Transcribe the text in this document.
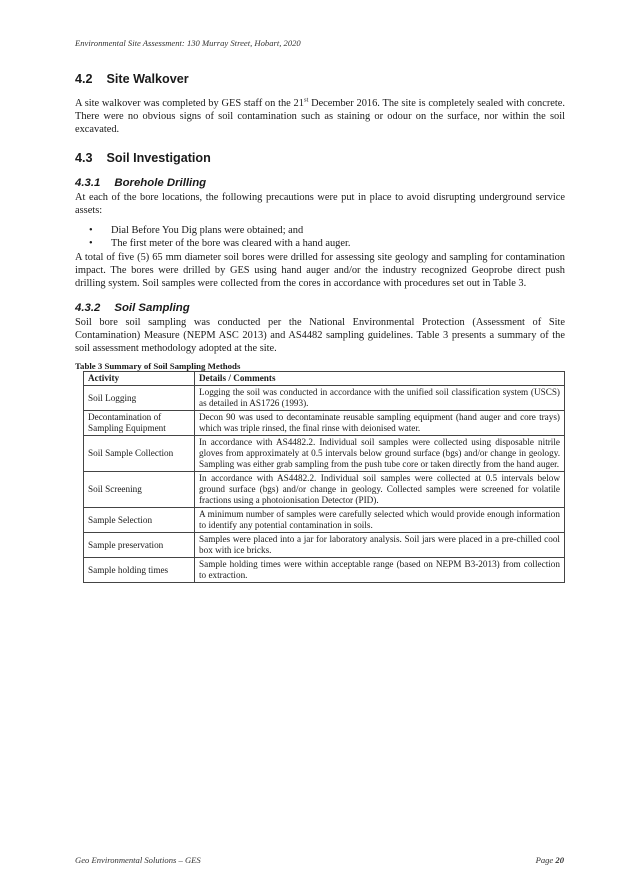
Environmental Site Assessment: 130 Murray Street, Hobart, 2020
4.2 Site Walkover

A site walkover was completed by GES staff on the 21st December 2016. The site is completely sealed with concrete. There were no obvious signs of soil contamination such as staining or odour on the surface, nor within the soil excavated.

4.3 Soil Investigation
4.3.1 Borehole Drilling

At each of the bore locations, the following precautions were put in place to avoid disrupting underground service assets:

•	Dial Before You Dig plans were obtained; and
•	The first meter of the bore was cleared with a hand auger.

A total of five (5) 65 mm diameter soil bores were drilled for assessing site geology and sampling for contamination impact. The bores were drilled by GES using hand auger and/or the industry recognized Geoprobe direct push drilling system. Soil samples were collected from the cores in accordance with procedures set out in Table 3.

4.3.2 Soil Sampling

Soil bore soil sampling was conducted per the National Environmental Protection (Assessment of Site Contamination) Measure (NEPM ASC 2013) and AS4482 sampling guidelines. Table 3 presents a summary of the soil assessment methodology adopted at the site.

Table 3 Summary of Soil Sampling Methods
Activity	Details / Comments
Soil Logging	Logging the soil was conducted in accordance with the unified soil classification system (USCS) as detailed in AS1726 (1993).
Decontamination of Sampling Equipment	Decon 90 was used to decontaminate reusable sampling equipment (hand auger and core trays) which was triple rinsed, the final rinse with deionised water.
Soil Sample Collection	In accordance with AS4482.2. Individual soil samples were collected using disposable nitrile gloves from approximately at 0.5 intervals below ground surface (bgs) and/or change in geology. Sampling was either grab sampling from the push tube core or taken directly from the hand auger.
Soil Screening	In accordance with AS4482.2. Individual soil samples were collected at 0.5 intervals below ground surface (bgs) and/or change in geology. Collected samples were screened for volatile fractions using a photoionisation Detector (PID).
Sample Selection	A minimum number of samples were carefully selected which would provide enough information to identify any potential contamination in soils.
Sample preservation	Samples were placed into a jar for laboratory analysis. Soil jars were placed in a pre-chilled cool box with ice bricks.
Sample holding times	Sample holding times were within acceptable range (based on NEPM B3-2013) from collection to extraction.
Geo Environmental Solutions – GES	Page 20
